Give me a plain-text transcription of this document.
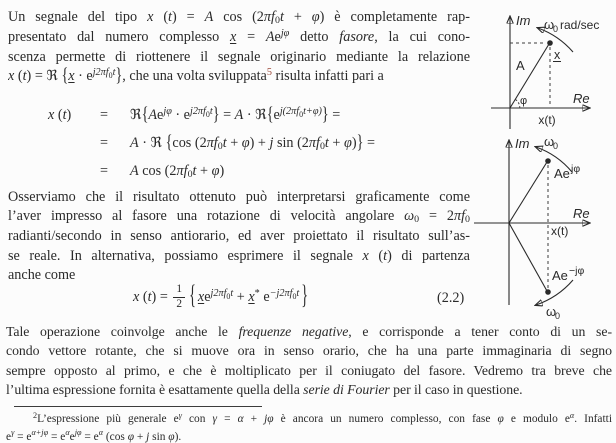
Un segnale del tipo x (t) = A cos (2πf0t + φ) è completamente rap-
presentato dal numero complesso $x = Ae^{j\varphi}$ detto fasore, la cui cono-
scenza permette di riottenere il segnale originario mediante la relazione
x (t) = ℜ $\{x \cdot e^{j2\pi f}0^t\}$, che una volta sviluppata$^5$ risulta infatti pari a
x (t)	=	$ℜ\{Ae^{j\varphi} \cdot e^{j2\pi f}0^t\} = A$ · $ℜ\{e^{j(2\pi f}0^{t+\varphi)}\}$ =
=	A · ℜ {cos (2πf0t + φ) + j sin (2πf0t + φ)} =
=	A cos (2πf0t + φ)
Osserviamo che il risultato ottenuto può interpretarsi graficamente come
l’aver impresso al fasore una rotazione di velocità angolare ω0 = 2πf0
radianti/secondo in senso antiorario, ed aver proiettato il risultato sull’as-
se reale. In alternativa, possiamo esprimere il segnale x (t) di partenza
anche come
x $(t) = \frac{1}{2}$ { $xe^{j2\pi f}0^t + x^*$ $e^{-j2\pi f}0^t$ }	(2.2)
Tale operazione coinvolge anche le frequenze negative, e corrisponde a tener conto di un se-
condo vettore rotante, che si muove ora in senso orario, che ha una parte immaginaria di segno
sempre opposto al primo, e che è moltiplicato per il coniugato del fasore. Vedremo tra breve che
l’ultima espressione fornita è esattamente quella della serie di Fourier per il caso in questione.
$^2$L’espressione più generale $e^\gamma$ con γ = α + jφ è ancora un numero complesso, con fase φ e modulo $e^\alpha$. Infatti
$e^\gamma = e^{\alpha+j\varphi} = e^\alpha e^{j\varphi} = e^\alpha$ (cos φ + j sin φ).
Im
Re
ω
0 rad/sec
A
x
x(t)
φ
Im
Re
ω
0
ω
0
Ae jφ
Ae −jφ
x(t)
